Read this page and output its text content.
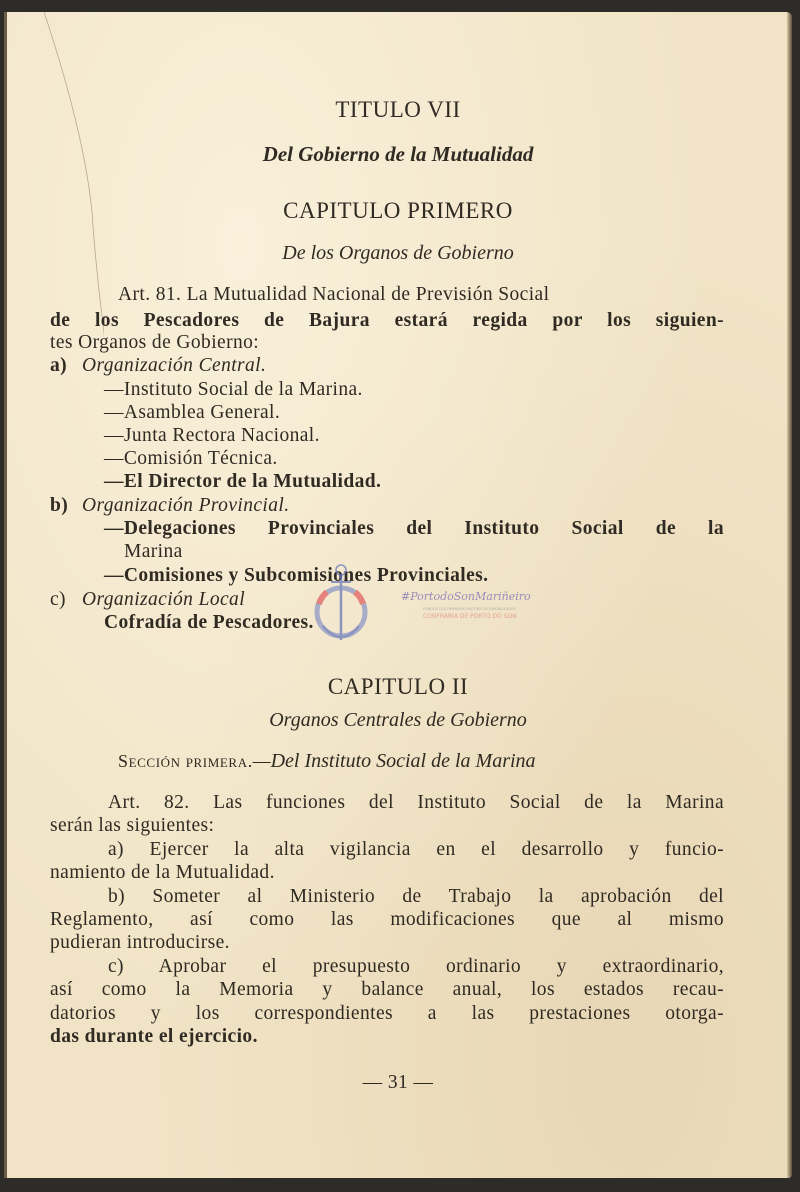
TITULO VII
Del Gobierno de la Mutualidad
CAPITULO PRIMERO
De los Organos de Gobierno
Art. 81. La Mutualidad Nacional de Previsión Social
de los Pescadores de Bajura estará regida por los siguien-
tes Organos de Gobierno:
a) Organización Central.
—Instituto Social de la Marina.
—Asamblea General.
—Junta Rectora Nacional.
—Comisión Técnica.
—El Director de la Mutualidad.
b) Organización Provincial.
—Delegaciones Provinciales del Instituto Social de la
Marina
—Comisiones y Subcomisiones Provinciales.
c) Organización Local
Cofradía de Pescadores.
#PortodoSonMariñeiro
FONDOS DOCUMENTAIS HISTÓRICOS DIXITALIZADOS
CONFRARÍA DE PORTO DO SON
CAPITULO II
Organos Centrales de Gobierno
Sección primera.—Del Instituto Social de la Marina
Art. 82. Las funciones del Instituto Social de la Marina
serán las siguientes:
a) Ejercer la alta vigilancia en el desarrollo y funcio-
namiento de la Mutualidad.
b) Someter al Ministerio de Trabajo la aprobación del
Reglamento, así como las modificaciones que al mismo
pudieran introducirse.
c) Aprobar el presupuesto ordinario y extraordinario,
así como la Memoria y balance anual, los estados recau-
datorios y los correspondientes a las prestaciones otorga-
das durante el ejercicio.
— 31 —
